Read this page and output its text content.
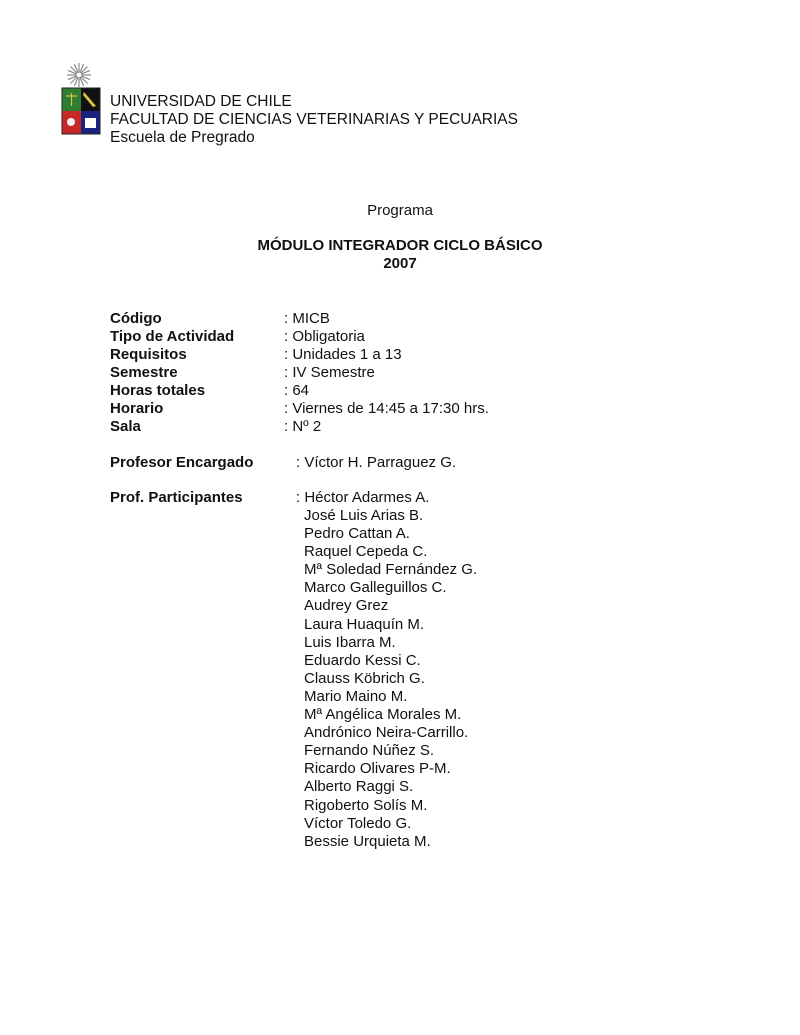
UNIVERSIDAD DE CHILE
FACULTAD DE CIENCIAS VETERINARIAS Y PECUARIAS
Escuela de Pregrado
Programa
MÓDULO INTEGRADOR CICLO BÁSICO
2007
Código	: MICB
Tipo de Actividad	: Obligatoria
Requisitos	: Unidades 1 a 13
Semestre	: IV Semestre
Horas totales	: 64
Horario	: Viernes de 14:45 a 17:30 hrs.
Sala	: Nº 2
Profesor Encargado	: Víctor H. Parraguez G.
Prof. Participantes	: Héctor Adarmes A.
José Luis Arias B.
Pedro Cattan A.
Raquel Cepeda C.
Mª Soledad Fernández G.
Marco Galleguillos C.
Audrey Grez
Laura Huaquín M.
Luis Ibarra M.
Eduardo Kessi C.
Clauss Köbrich G.
Mario Maino M.
Mª Angélica Morales M.
Andrónico Neira-Carrillo.
Fernando Núñez S.
Ricardo Olivares P-M.
Alberto Raggi S.
Rigoberto Solís M.
Víctor Toledo G.
Bessie Urquieta M.
